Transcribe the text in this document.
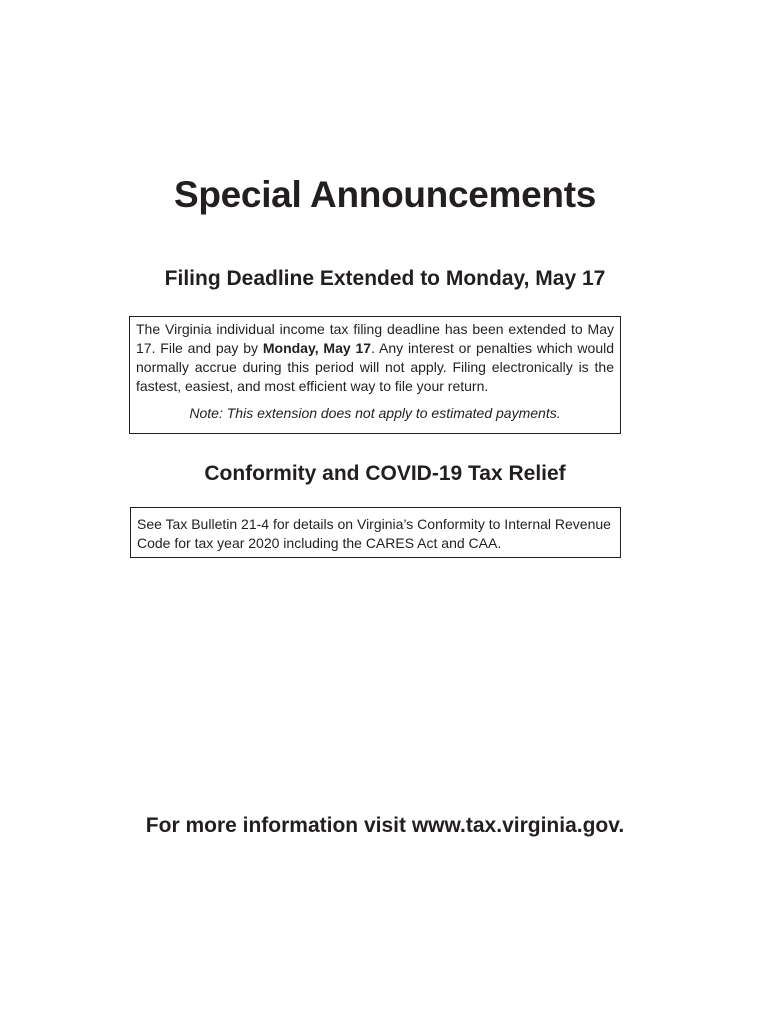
Special Announcements
Filing Deadline Extended to Monday, May 17

The Virginia individual income tax filing deadline has been extended to May 17. File and pay by Monday, May 17. Any interest or penalties which would normally accrue during this period will not apply. Filing electronically is the fastest, easiest, and most efficient way to file your return.

Note: This extension does not apply to estimated payments.

Conformity and COVID-19 Tax Relief

See Tax Bulletin 21-4 for details on Virginia’s Conformity to Internal Revenue Code for tax year 2020 including the CARES Act and CAA.

For more information visit www.tax.virginia.gov.
